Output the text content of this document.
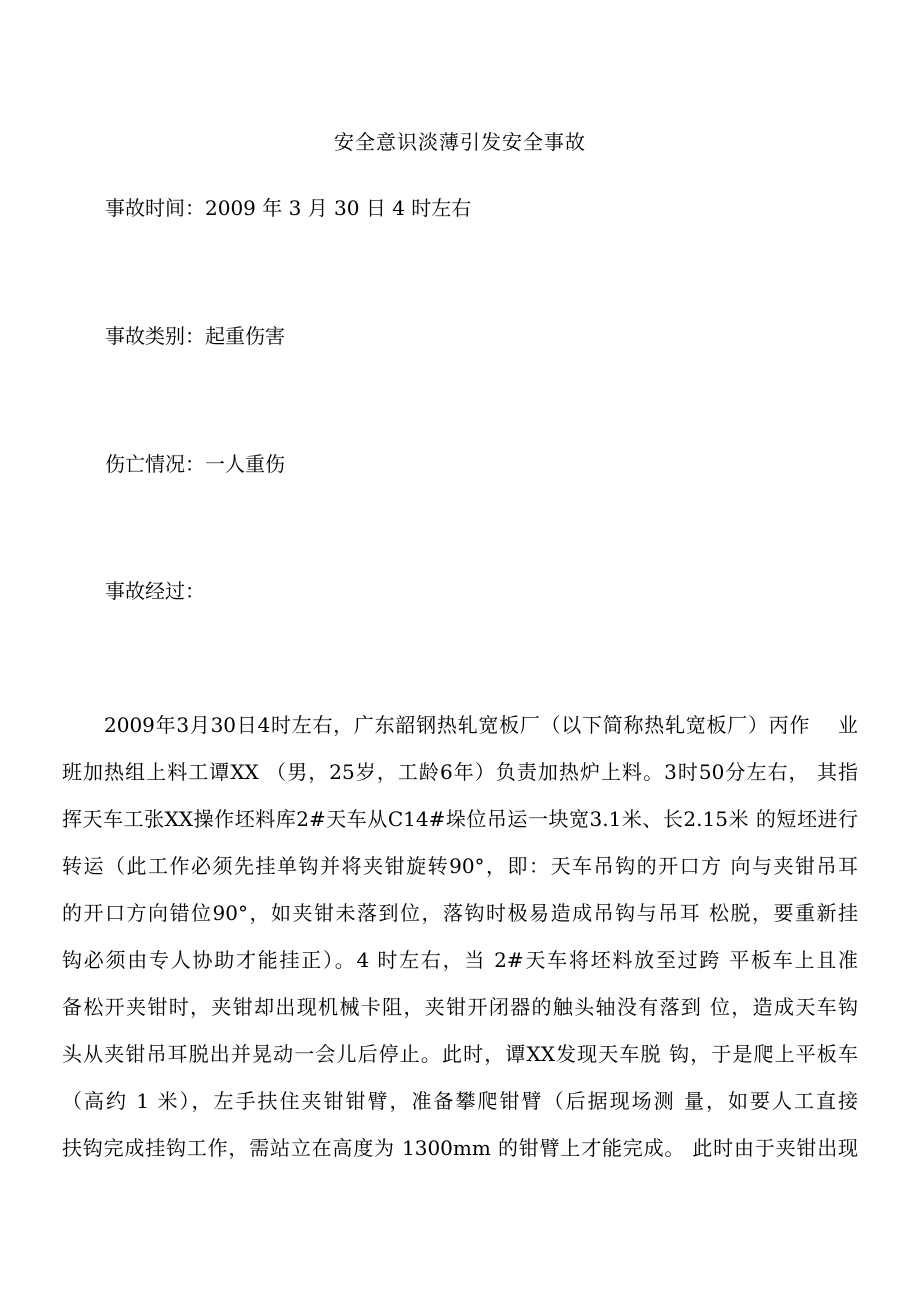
安全意识淡薄引发安全事故
事故时间：2009 年 3 月 30 日 4 时左右
事故类别：起重伤害
伤亡情况：一人重伤
事故经过：
2009年3月30日4时左右，广东韶钢热轧宽板厂（以下简称热轧宽板厂）丙作　 业
班加热组上料工谭XX （男，25岁，工龄6年）负责加热炉上料。3时50分左右， 其指
挥天车工张XX操作坯料库2#天车从C14#垛位吊运一块宽3.1米、长2.15米 的短坯进行
转运（此工作必须先挂单钩并将夹钳旋转90°，即：天车吊钩的开口方 向与夹钳吊耳
的开口方向错位90°，如夹钳未落到位，落钩时极易造成吊钩与吊耳 松脱，要重新挂
钩必须由专人协助才能挂正）。4 时左右，当 2#天车将坯料放至过跨 平板车上且准
备松开夹钳时，夹钳却出现机械卡阻，夹钳开闭器的触头轴没有落到 位，造成天车钩
头从夹钳吊耳脱出并晃动一会儿后停止。此时，谭XX发现天车脱 钩，于是爬上平板车
（高约 1 米），左手扶住夹钳钳臂，准备攀爬钳臂（后据现场测 量，如要人工直接
扶钩完成挂钩工作，需站立在高度为 1300mm 的钳臂上才能完成。 此时由于夹钳出现
